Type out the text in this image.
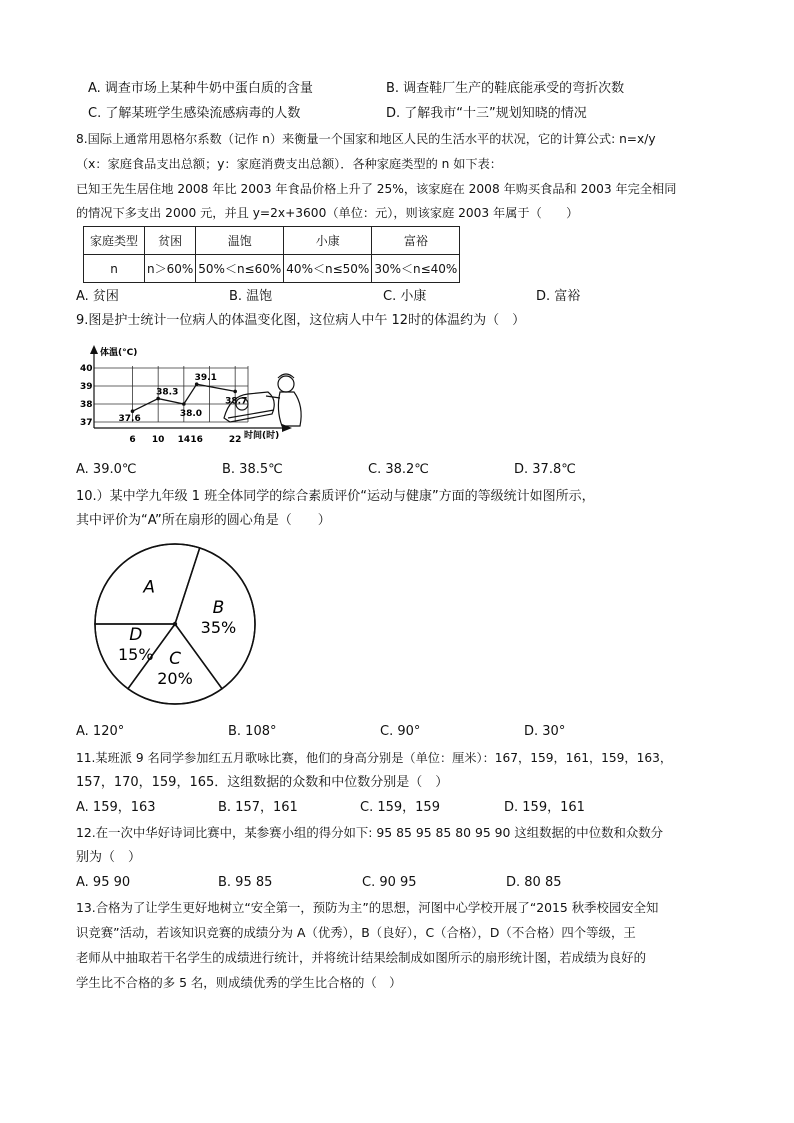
A. 调查市场上某种牛奶中蛋白质的含量	B. 调查鞋厂生产的鞋底能承受的弯折次数
C. 了解某班学生感染流感病毒的人数	D. 了解我市“十三”规划知晓的情况
8.国际上通常用恩格尔系数（记作 n）来衡量一个国家和地区人民的生活水平的状况，它的计算公式: n=x/y
（x：家庭食品支出总额；y：家庭消费支出总额）．各种家庭类型的 n 如下表：
已知王先生居住地 2008 年比 2003 年食品价格上升了 25%，该家庭在 2008 年购买食品和 2003 年完全相同
的情况下多支出 2000 元，并且 y=2x+3600（单位：元），则该家庭 2003 年属于（　　）
家庭类型	贫困	温饱	小康	富裕
n	n＞60%	50%＜n≤60%	40%＜n≤50%	30%＜n≤40%
A. 贫困	B. 温饱	C. 小康	D. 富裕
9.图是护士统计一位病人的体温变化图，这位病人中午 12时的体温约为（　）
体温(°C)
时间(时)
40
39
38
37
6 10 14 16	22
37.6
38.3
38.0
39.1
38.7
A. 39.0℃	B. 38.5℃	C. 38.2℃	D. 37.8℃
10.）某中学九年级 1 班全体同学的综合素质评价“运动与健康”方面的等级统计如图所示，
其中评价为“A”所在扇形的圆心角是（　　）
B
35%
C
20%
D
15%
A
A. 120°	B. 108°	C. 90°	D. 30°
11.某班派 9 名同学参加红五月歌咏比赛，他们的身高分别是（单位：厘米）：167，159，161，159，163，
157，170，159，165．这组数据的众数和中位数分别是（　）
A. 159，163	B. 157，161	C. 159，159	D. 159，161
12.在一次中华好诗词比赛中，某参赛小组的得分如下: 95 85 95 85 80 95 90 这组数据的中位数和众数分
别为（　）
A. 95 90	B. 95 85	C. 90 95	D. 80 85
13.合格为了让学生更好地树立“安全第一，预防为主”的思想，河图中心学校开展了“2015 秋季校园安全知
识竞赛”活动，若该知识竞赛的成绩分为 A（优秀），B（良好），C（合格），D（不合格）四个等级，王
老师从中抽取若干名学生的成绩进行统计，并将统计结果绘制成如图所示的扇形统计图，若成绩为良好的
学生比不合格的多 5 名，则成绩优秀的学生比合格的（　）
